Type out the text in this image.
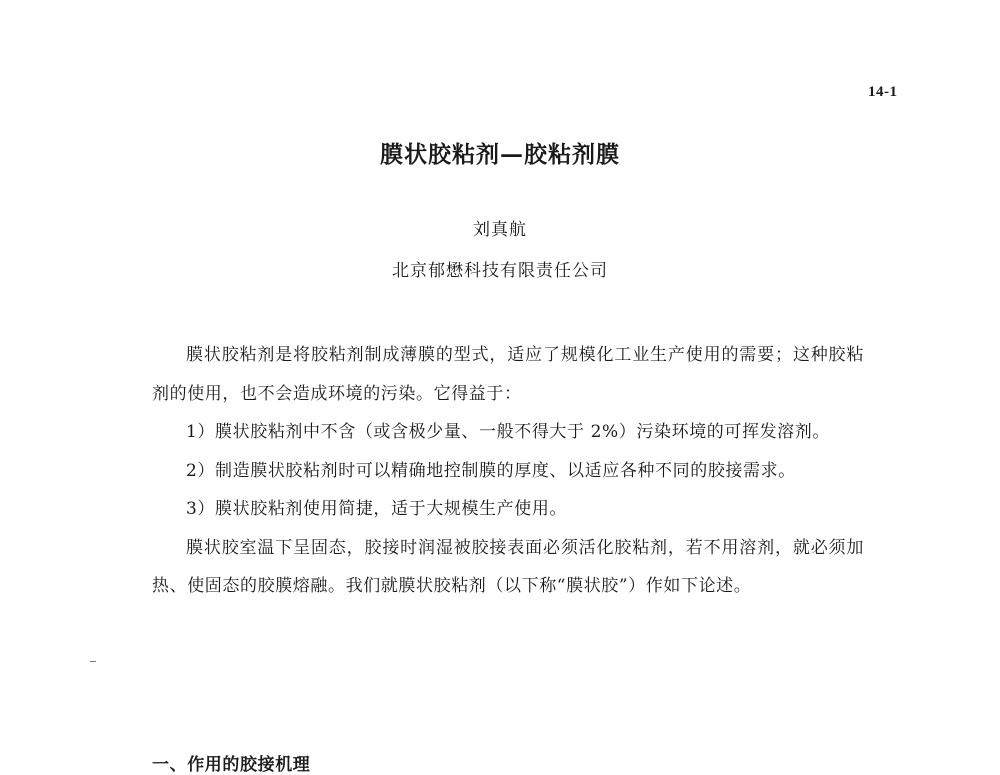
14-1
膜状胶粘剂—胶粘剂膜
刘真航
北京郁懋科技有限责任公司

膜状胶粘剂是将胶粘剂制成薄膜的型式，适应了规模化工业生产使用的需要；这种胶粘剂的使用，也不会造成环境的污染。它得益于：

1）膜状胶粘剂中不含（或含极少量、一般不得大于 2%）污染环境的可挥发溶剂。

2）制造膜状胶粘剂时可以精确地控制膜的厚度、以适应各种不同的胶接需求。

3）膜状胶粘剂使用简捷，适于大规模生产使用。

膜状胶室温下呈固态，胶接时润湿被胶接表面必须活化胶粘剂，若不用溶剂，就必须加热、使固态的胶膜熔融。我们就膜状胶粘剂（以下称“膜状胶”）作如下论述。

一、作用的胶接机理
